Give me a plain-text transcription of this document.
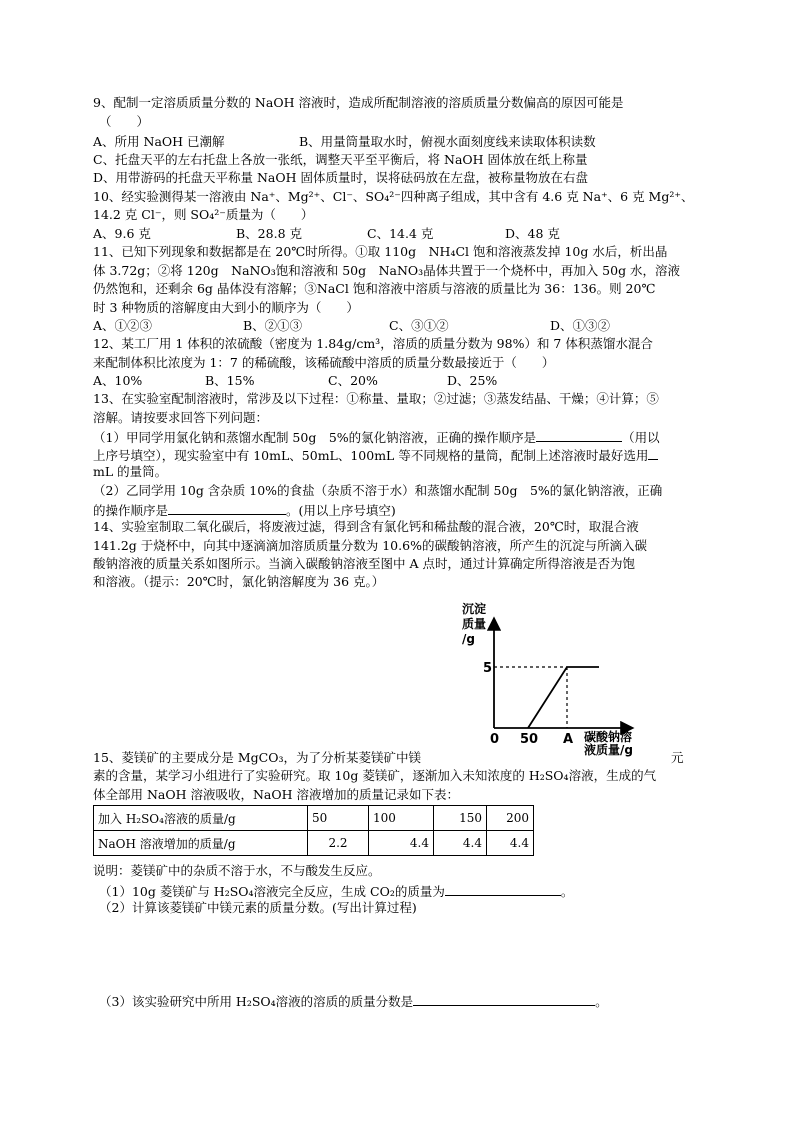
9、配制一定溶质质量分数的 NaOH 溶液时，造成所配制溶液的溶质质量分数偏高的原因可能是
（　　）
A、所用 NaOH 已潮解	B、用量筒量取水时，俯视水面刻度线来读取体积读数
C、托盘天平的左右托盘上各放一张纸，调整天平至平衡后，将 NaOH 固体放在纸上称量
D、用带游码的托盘天平称量 NaOH 固体质量时，误将砝码放在左盘，被称量物放在右盘
10、经实验测得某一溶液由 Na⁺、Mg²⁺、Cl⁻、SO₄²⁻四种离子组成，其中含有 4.6 克 Na⁺、6 克 Mg²⁺、
14.2 克 Cl⁻，则 SO₄²⁻质量为（　　）
A、9.6 克	B、28.8 克	C、14.4 克	D、48 克
11、已知下列现象和数据都是在 20℃时所得。①取 110g　NH₄Cl 饱和溶液蒸发掉 10g 水后，析出晶
体 3.72g；②将 120g　NaNO₃饱和溶液和 50g　NaNO₃晶体共置于一个烧杯中，再加入 50g 水，溶液
仍然饱和，还剩余 6g 晶体没有溶解；③NaCl 饱和溶液中溶质与溶液的质量比为 36：136。则 20℃
时 3 种物质的溶解度由大到小的顺序为（　　）
A、①②③	B、②①③	C、③①②	D、①③②
12、某工厂用 1 体积的浓硫酸（密度为 1.84g/cm³，溶质的质量分数为 98%）和 7 体积蒸馏水混合
来配制体积比浓度为 1：7 的稀硫酸，该稀硫酸中溶质的质量分数最接近于（　　）
A、10%	B、15%	C、20%	D、25%
13、在实验室配制溶液时，常涉及以下过程：①称量、量取；②过滤；③蒸发结晶、干燥；④计算；⑤
溶解。请按要求回答下列问题：
（1）甲同学用氯化钠和蒸馏水配制 50g　5%的氯化钠溶液，正确的操作顺序是	（用以
上序号填空），现实验室中有 10mL、50mL、100mL 等不同规格的量筒，配制上述溶液时最好选用
mL 的量筒。
（2）乙同学用 10g 含杂质 10%的食盐（杂质不溶于水）和蒸馏水配制 50g　5%的氯化钠溶液，正确
的操作顺序是	。(用以上序号填空)
14、实验室制取二氧化碳后，将废液过滤，得到含有氯化钙和稀盐酸的混合液，20℃时，取混合液
141.2g 于烧杯中，向其中逐滴滴加溶质质量分数为 10.6%的碳酸钠溶液，所产生的沉淀与所滴入碳
酸钠溶液的质量关系如图所示。当滴入碳酸钠溶液至图中 A 点时，通过计算确定所得溶液是否为饱
和溶液。（提示：20℃时，氯化钠溶解度为 36 克。）
沉淀
质量
/g
碳酸钠溶
液质量/g
0 50 A
5
15、菱镁矿的主要成分是 MgCO₃，为了分析某菱镁矿中镁	元
素的含量，某学习小组进行了实验研究。取 10g 菱镁矿，逐渐加入未知浓度的 H₂SO₄溶液，生成的气
体全部用 NaOH 溶液吸收，NaOH 溶液增加的质量记录如下表：
加入 H₂SO₄溶液的质量/g	50	100	150	200
NaOH 溶液增加的质量/g	2.2	4.4	4.4	4.4
说明：菱镁矿中的杂质不溶于水，不与酸发生反应。
（1）10g 菱镁矿与 H₂SO₄溶液完全反应，生成 CO₂的质量为	。
（2）计算该菱镁矿中镁元素的质量分数。(写出计算过程)
（3）该实验研究中所用 H₂SO₄溶液的溶质的质量分数是	。
